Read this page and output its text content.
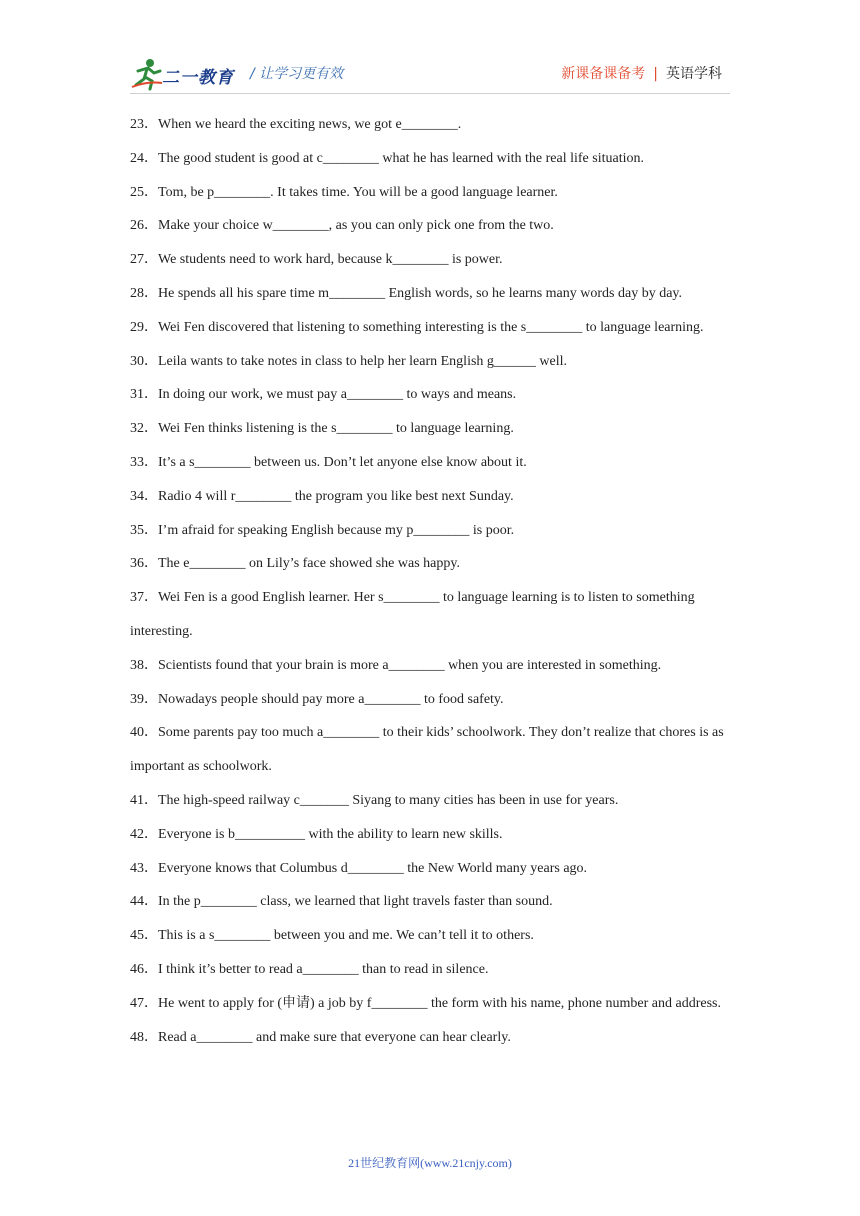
二一教育 / 让学习更有效	新课备课备考 | 英语学科

23．When we heard the exciting news, we got e________.

24．The good student is good at c________ what he has learned with the real life situation.

25．Tom, be p________. It takes time. You will be a good language learner.

26．Make your choice w________, as you can only pick one from the two.

27．We students need to work hard, because k________ is power.

28．He spends all his spare time m________ English words, so he learns many words day by day.

29．Wei Fen discovered that listening to something interesting is the s________ to language learning.

30．Leila wants to take notes in class to help her learn English g______ well.

31．In doing our work, we must pay a________ to ways and means.

32．Wei Fen thinks listening is the s________ to language learning.

33．It’s a s________ between us. Don’t let anyone else know about it.

34．Radio 4 will r________ the program you like best next Sunday.

35．I’m afraid for speaking English because my p________ is poor.

36．The e________ on Lily’s face showed she was happy.

37．Wei Fen is a good English learner. Her s________ to language learning is to listen to something interesting.

38．Scientists found that your brain is more a________ when you are interested in something.

39．Nowadays people should pay more a________ to food safety.

40．Some parents pay too much a________ to their kids’ schoolwork. They don’t realize that chores is as important as schoolwork.

41．The high-speed railway c_______ Siyang to many cities has been in use for years.

42．Everyone is b__________ with the ability to learn new skills.

43．Everyone knows that Columbus d________ the New World many years ago.

44．In the p________ class, we learned that light travels faster than sound.

45．This is a s________ between you and me. We can’t tell it to others.

46．I think it’s better to read a________ than to read in silence.

47．He went to apply for (申请) a job by f________ the form with his name, phone number and address.

48．Read a________ and make sure that everyone can hear clearly.

21世纪教育网(www.21cnjy.com)
